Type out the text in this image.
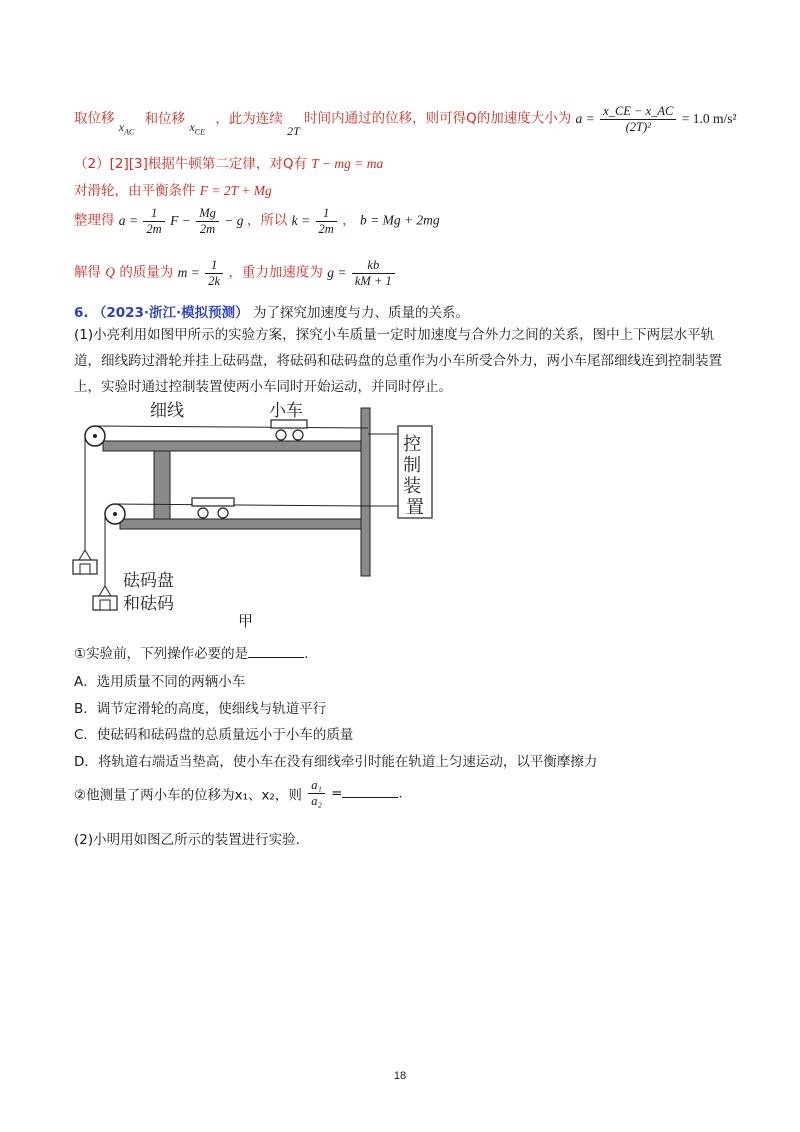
取位移 $x_{AC}$ 和位移 $x_{CE}$ ，此为连续 2T 时间内通过的位移，则可得Q的加速度大小为 $a = \frac{x\_CE - x\_AC}{\text{(2T)²}} = 1.0$ m/s²
（2）[2][3]根据牛顿第二定律，对Q有 T − mg = ma
对滑轮，由平衡条件 F = 2T + Mg
整理得 $a = \frac{1}{2m}$ $F - \frac{Mg}{2m} - g$ ，所以 $k = \frac{1}{2m}$ ， b = Mg + 2mg
解得 Q 的质量为 $m = \frac{1}{2k}$ ，重力加速度为 $g = \frac{kb}{kM + 1}$
6. （2023·浙江·模拟预测） 为了探究加速度与力、质量的关系。
(1)小亮利用如图甲所示的实验方案，探究小车质量一定时加速度与合外力之间的关系，图中上下两层水平轨道，细线跨过滑轮并挂上砝码盘，将砝码和砝码盘的总重作为小车所受合外力，两小车尾部细线连到控制装置上，实验时通过控制装置使两小车同时开始运动，并同时停止。
细线	小车
控 制 装 置
砝码盘
和砝码
甲
①实验前，下列操作必要的是	.
A．选用质量不同的两辆小车
B．调节定滑轮的高度，使细线与轨道平行
C．使砝码和砝码盘的总质量远小于小车的质量
D．将轨道右端适当垫高，使小车在没有细线牵引时能在轨道上匀速运动，以平衡摩擦力
②他测量了两小车的位移为x₁、x₂，则 $\frac{\text{a₁}}{\text{a₂}}$ =	.
(2)小明用如图乙所示的装置进行实验.
18
